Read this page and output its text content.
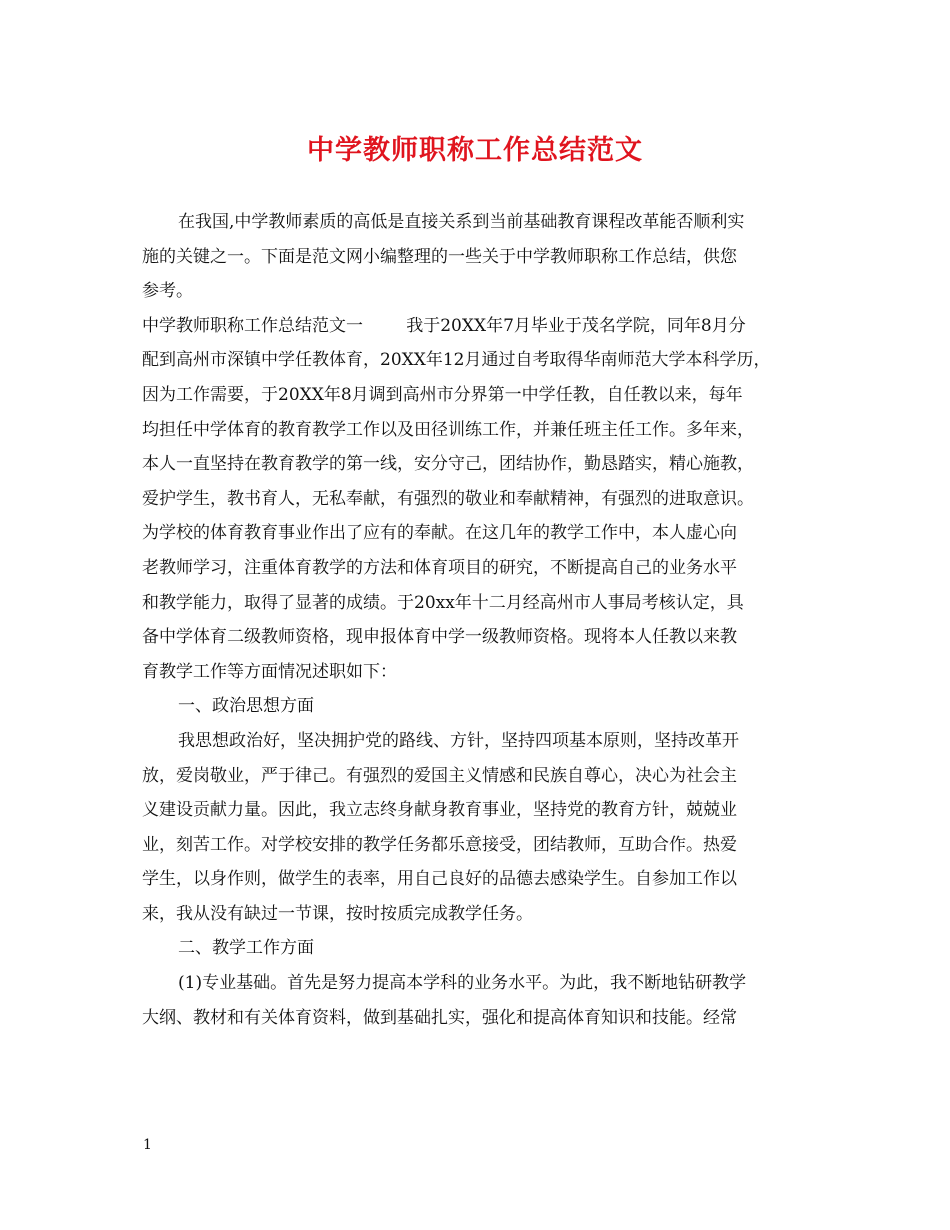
中学教师职称工作总结范文
在我国,中学教师素质的高低是直接关系到当前基础教育课程改革能否顺利实
施的关键之一。下面是范文网小编整理的一些关于中学教师职称工作总结，供您
参考。
中学教师职称工作总结范文一        我于20XX年7月毕业于茂名学院，同年8月分
配到高州市深镇中学任教体育，20XX年12月通过自考取得华南师范大学本科学历，
因为工作需要，于20XX年8月调到高州市分界第一中学任教，自任教以来，每年
均担任中学体育的教育教学工作以及田径训练工作，并兼任班主任工作。多年来，
本人一直坚持在教育教学的第一线，安分守己，团结协作，勤恳踏实，精心施教，
爱护学生，教书育人，无私奉献，有强烈的敬业和奉献精神，有强烈的进取意识。
为学校的体育教育事业作出了应有的奉献。在这几年的教学工作中，本人虚心向
老教师学习，注重体育教学的方法和体育项目的研究，不断提高自己的业务水平
和教学能力，取得了显著的成绩。于20xx年十二月经高州市人事局考核认定，具
备中学体育二级教师资格，现申报体育中学一级教师资格。现将本人任教以来教
育教学工作等方面情况述职如下：
一、政治思想方面
我思想政治好，坚决拥护党的路线、方针，坚持四项基本原则，坚持改革开
放，爱岗敬业，严于律己。有强烈的爱国主义情感和民族自尊心，决心为社会主
义建设贡献力量。因此，我立志终身献身教育事业，坚持党的教育方针，兢兢业
业，刻苦工作。对学校安排的教学任务都乐意接受，团结教师，互助合作。热爱
学生，以身作则，做学生的表率，用自己良好的品德去感染学生。自参加工作以
来，我从没有缺过一节课，按时按质完成教学任务。
二、教学工作方面
(1)专业基础。首先是努力提高本学科的业务水平。为此，我不断地钻研教学
大纲、教材和有关体育资料，做到基础扎实，强化和提高体育知识和技能。经常
1
